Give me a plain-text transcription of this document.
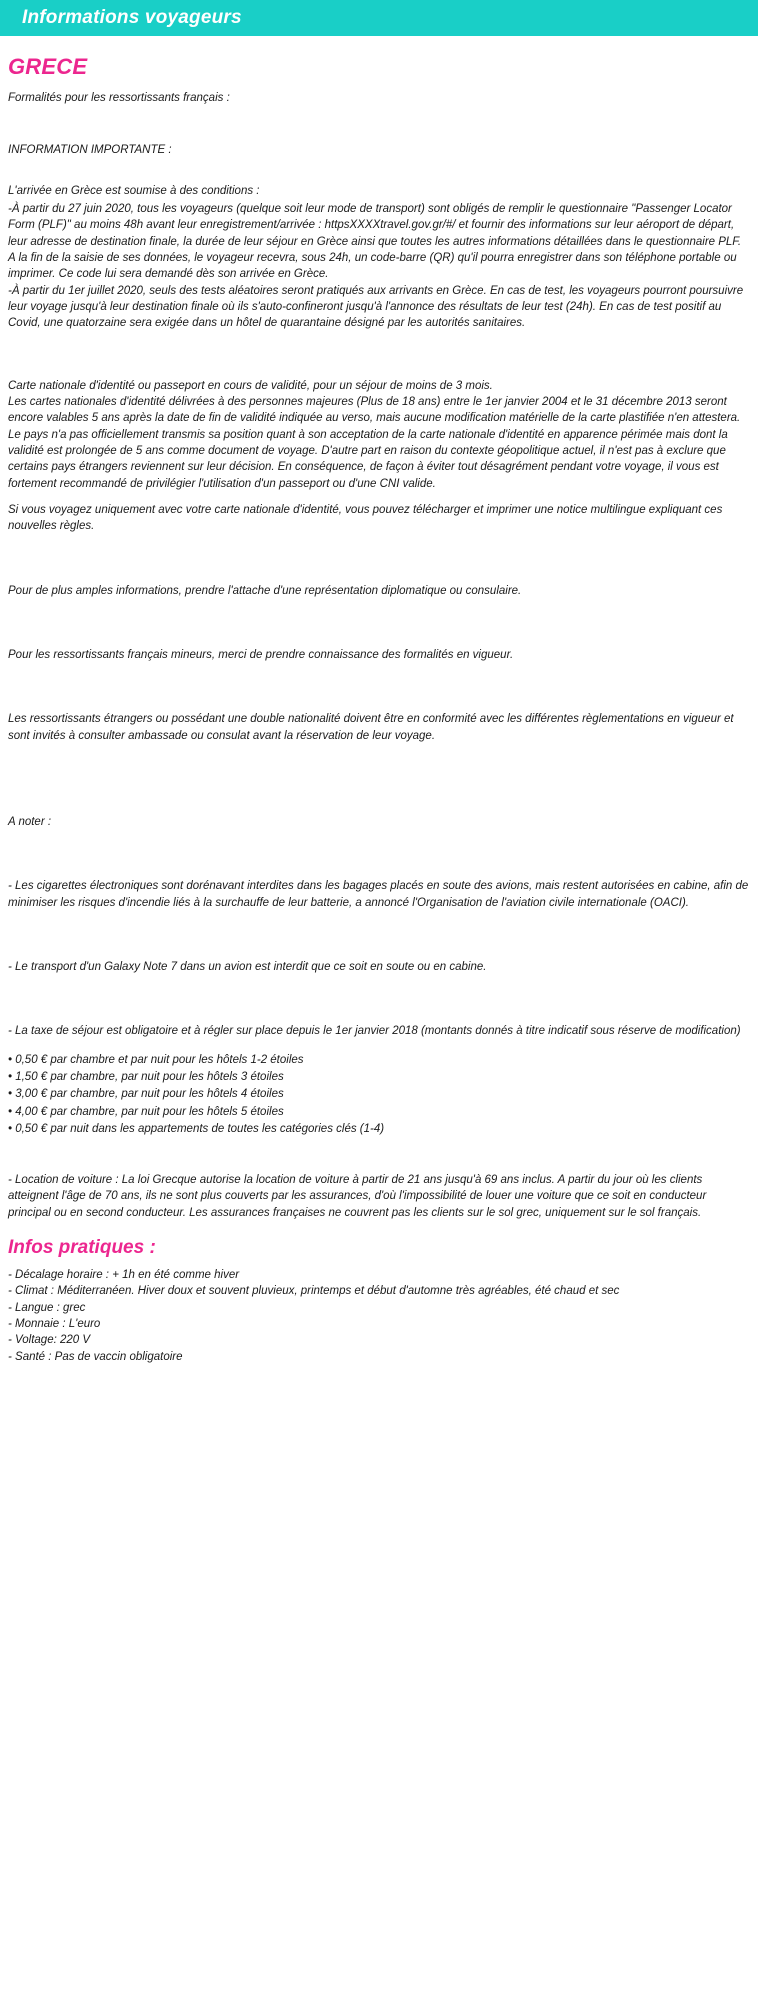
Informations voyageurs
GRECE

Formalités pour les ressortissants français :

INFORMATION IMPORTANTE :

L'arrivée en Grèce est soumise à des conditions :

-À partir du 27 juin 2020, tous les voyageurs (quelque soit leur mode de transport) sont obligés de remplir le questionnaire "Passenger Locator Form (PLF)" au moins 48h avant leur enregistrement/arrivée : httpsXXXXtravel.gov.gr/#/ et fournir des informations sur leur aéroport de départ, leur adresse de destination finale, la durée de leur séjour en Grèce ainsi que toutes les autres informations détaillées dans le questionnaire PLF. A la fin de la saisie de ses données, le voyageur recevra, sous 24h, un code-barre (QR) qu'il pourra enregistrer dans son téléphone portable ou imprimer. Ce code lui sera demandé dès son arrivée en Grèce.

-À partir du 1er juillet 2020, seuls des tests aléatoires seront pratiqués aux arrivants en Grèce. En cas de test, les voyageurs pourront poursuivre leur voyage jusqu'à leur destination finale où ils s'auto-confineront jusqu'à l'annonce des résultats de leur test (24h). En cas de test positif au Covid, une quatorzaine sera exigée dans un hôtel de quarantaine désigné par les autorités sanitaires.

Carte nationale d'identité ou passeport en cours de validité, pour un séjour de moins de 3 mois.

Les cartes nationales d'identité délivrées à des personnes majeures (Plus de 18 ans) entre le 1er janvier 2004 et le 31 décembre 2013 seront encore valables 5 ans après la date de fin de validité indiquée au verso, mais aucune modification matérielle de la carte plastifiée n'en attestera.

Le pays n'a pas officiellement transmis sa position quant à son acceptation de la carte nationale d'identité en apparence périmée mais dont la validité est prolongée de 5 ans comme document de voyage. D'autre part en raison du contexte géopolitique actuel, il n'est pas à exclure que certains pays étrangers reviennent sur leur décision. En conséquence, de façon à éviter tout désagrément pendant votre voyage, il vous est fortement recommandé de privilégier l'utilisation d'un passeport ou d'une CNI valide.

Si vous voyagez uniquement avec votre carte nationale d'identité, vous pouvez télécharger et imprimer une notice multilingue expliquant ces nouvelles règles.

Pour de plus amples informations, prendre l'attache d'une représentation diplomatique ou consulaire.

Pour les ressortissants français mineurs, merci de prendre connaissance des formalités en vigueur.

Les ressortissants étrangers ou possédant une double nationalité doivent être en conformité avec les différentes règlementations en vigueur et sont invités à consulter ambassade ou consulat avant la réservation de leur voyage.

A noter :

- Les cigarettes électroniques sont dorénavant interdites dans les bagages placés en soute des avions, mais restent autorisées en cabine, afin de minimiser les risques d'incendie liés à la surchauffe de leur batterie, a annoncé l'Organisation de l'aviation civile internationale (OACI).

- Le transport d'un Galaxy Note 7 dans un avion est interdit que ce soit en soute ou en cabine.

- La taxe de séjour est obligatoire et à régler sur place depuis le 1er janvier 2018 (montants donnés à titre indicatif sous réserve de modification)

• 0,50 € par chambre et par nuit pour les hôtels 1-2 étoiles

• 1,50 € par chambre, par nuit pour les hôtels 3 étoiles

• 3,00 € par chambre, par nuit pour les hôtels 4 étoiles

• 4,00 € par chambre, par nuit pour les hôtels 5 étoiles

• 0,50 € par nuit dans les appartements de toutes les catégories clés (1-4)

- Location de voiture : La loi Grecque autorise la location de voiture à partir de 21 ans jusqu'à 69 ans inclus. A partir du jour où les clients atteignent l'âge de 70 ans, ils ne sont plus couverts par les assurances, d'où l'impossibilité de louer une voiture que ce soit en conducteur principal ou en second conducteur. Les assurances françaises ne couvrent pas les clients sur le sol grec, uniquement sur le sol français.

Infos pratiques :

- Décalage horaire : + 1h en été comme hiver

- Climat : Méditerranéen. Hiver doux et souvent pluvieux, printemps et début d'automne très agréables, été chaud et sec

- Langue : grec

- Monnaie : L'euro

- Voltage: 220 V

- Santé : Pas de vaccin obligatoire
